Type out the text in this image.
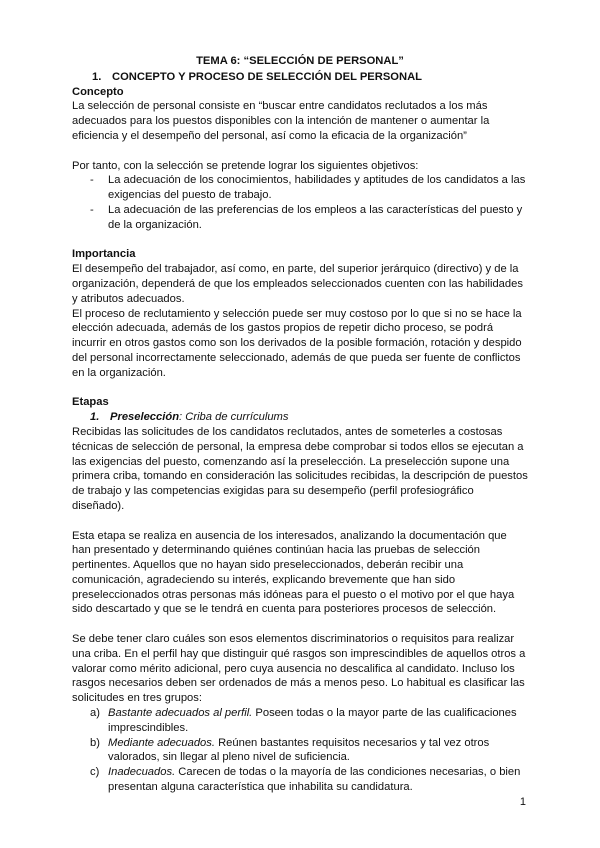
TEMA 6: “SELECCIÓN DE PERSONAL”
1. CONCEPTO Y PROCESO DE SELECCIÓN DEL PERSONAL
Concepto

La selección de personal consiste en “buscar entre candidatos reclutados a los más adecuados para los puestos disponibles con la intención de mantener o aumentar la eficiencia y el desempeño del personal, así como la eficacia de la organización”

Por tanto, con la selección se pretende lograr los siguientes objetivos:

- La adecuación de los conocimientos, habilidades y aptitudes de los candidatos a las exigencias del puesto de trabajo.
- La adecuación de las preferencias de los empleos a las características del puesto y de la organización.
Importancia

El desempeño del trabajador, así como, en parte, del superior jerárquico (directivo) y de la organización, dependerá de que los empleados seleccionados cuenten con las habilidades y atributos adecuados.

El proceso de reclutamiento y selección puede ser muy costoso por lo que si no se hace la elección adecuada, además de los gastos propios de repetir dicho proceso, se podrá incurrir en otros gastos como son los derivados de la posible formación, rotación y despido del personal incorrectamente seleccionado, además de que pueda ser fuente de conflictos en la organización.

Etapas
1. Preselección : Criba de currículums

Recibidas las solicitudes de los candidatos reclutados, antes de someterles a costosas técnicas de selección de personal, la empresa debe comprobar si todos ellos se ejecutan a las exigencias del puesto, comenzando así la preselección. La preselección supone una primera criba, tomando en consideración las solicitudes recibidas, la descripción de puestos de trabajo y las competencias exigidas para su desempeño (perfil profesiográfico diseñado).

Esta etapa se realiza en ausencia de los interesados, analizando la documentación que han presentado y determinando quiénes continúan hacia las pruebas de selección pertinentes. Aquellos que no hayan sido preseleccionados, deberán recibir una comunicación, agradeciendo su interés, explicando brevemente que han sido preseleccionados otras personas más idóneas para el puesto o el motivo por el que haya sido descartado y que se le tendrá en cuenta para posteriores procesos de selección.

Se debe tener claro cuáles son esos elementos discriminatorios o requisitos para realizar una criba. En el perfil hay que distinguir qué rasgos son imprescindibles de aquellos otros a valorar como mérito adicional, pero cuya ausencia no descalifica al candidato. Incluso los rasgos necesarios deben ser ordenados de más a menos peso. Lo habitual es clasificar las solicitudes en tres grupos:

a) Bastante adecuados al perfil. Poseen todas o la mayor parte de las cualificaciones imprescindibles.
b) Mediante adecuados. Reúnen bastantes requisitos necesarios y tal vez otros valorados, sin llegar al pleno nivel de suficiencia.
c) Inadecuados. Carecen de todas o la mayoría de las condiciones necesarias, o bien presentan alguna característica que inhabilita su candidatura.
1
